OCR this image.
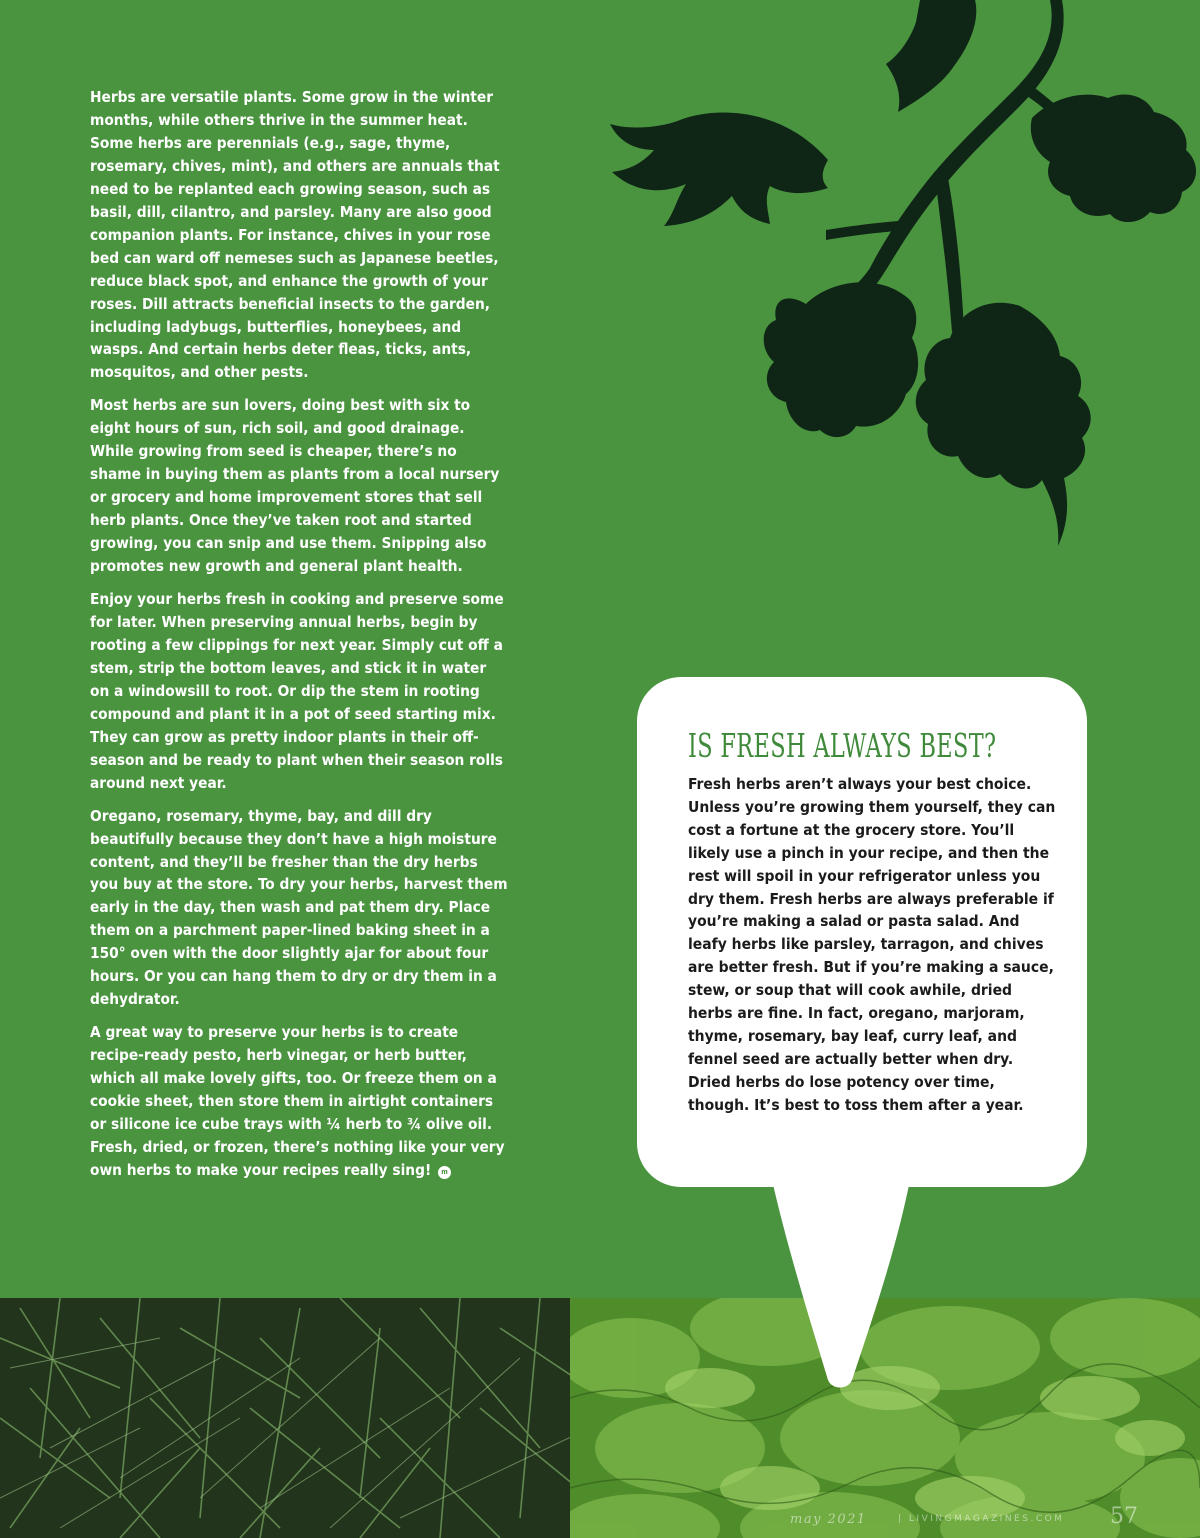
Herbs are versatile plants. Some grow in the winter months, while others thrive in the summer heat. Some herbs are perennials (e.g., sage, thyme, rosemary, chives, mint), and others are annuals that need to be replanted each growing season, such as basil, dill, cilantro, and parsley. Many are also good companion plants. For instance, chives in your rose bed can ward off nemeses such as Japanese beetles, reduce black spot, and enhance the growth of your roses. Dill attracts beneficial insects to the garden, including ladybugs, butterflies, honeybees, and wasps. And certain herbs deter fleas, ticks, ants, mosquitos, and other pests.

Most herbs are sun lovers, doing best with six to eight hours of sun, rich soil, and good drainage. While growing from seed is cheaper, there’s no shame in buying them as plants from a local nursery or grocery and home improvement stores that sell herb plants. Once they’ve taken root and started growing, you can snip and use them. Snipping also promotes new growth and general plant health.

Enjoy your herbs fresh in cooking and preserve some for later. When preserving annual herbs, begin by rooting a few clippings for next year. Simply cut off a stem, strip the bottom leaves, and stick it in water on a windowsill to root. Or dip the stem in rooting compound and plant it in a pot of seed starting mix. They can grow as pretty indoor plants in their off-season and be ready to plant when their season rolls around next year.

Oregano, rosemary, thyme, bay, and dill dry beautifully because they don’t have a high moisture content, and they’ll be fresher than the dry herbs you buy at the store. To dry your herbs, harvest them early in the day, then wash and pat them dry. Place them on a parchment paper-lined baking sheet in a 150° oven with the door slightly ajar for about four hours. Or you can hang them to dry or dry them in a dehydrator.

A great way to preserve your herbs is to create recipe-ready pesto, herb vinegar, or herb butter, which all make lovely gifts, too. Or freeze them on a cookie sheet, then store them in airtight containers or silicone ice cube trays with ¼ herb to ¾ olive oil. Fresh, dried, or frozen, there’s nothing like your very own herbs to make your recipes really sing! m

IS FRESH ALWAYS BEST?

Fresh herbs aren’t always your best choice. Unless you’re growing them yourself, they can cost a fortune at the grocery store. You’ll likely use a pinch in your recipe, and then the rest will spoil in your refrigerator unless you dry them. Fresh herbs are always preferable if you’re making a salad or pasta salad. And leafy herbs like parsley, tarragon, and chives are better fresh. But if you’re making a sauce, stew, or soup that will cook awhile, dried herbs are fine. In fact, oregano, marjoram, thyme, rosemary, bay leaf, curry leaf, and fennel seed are actually better when dry. Dried herbs do lose potency over time, though. It’s best to toss them after a year.

may 2021	| LIVINGMAGAZINES.COM 57
